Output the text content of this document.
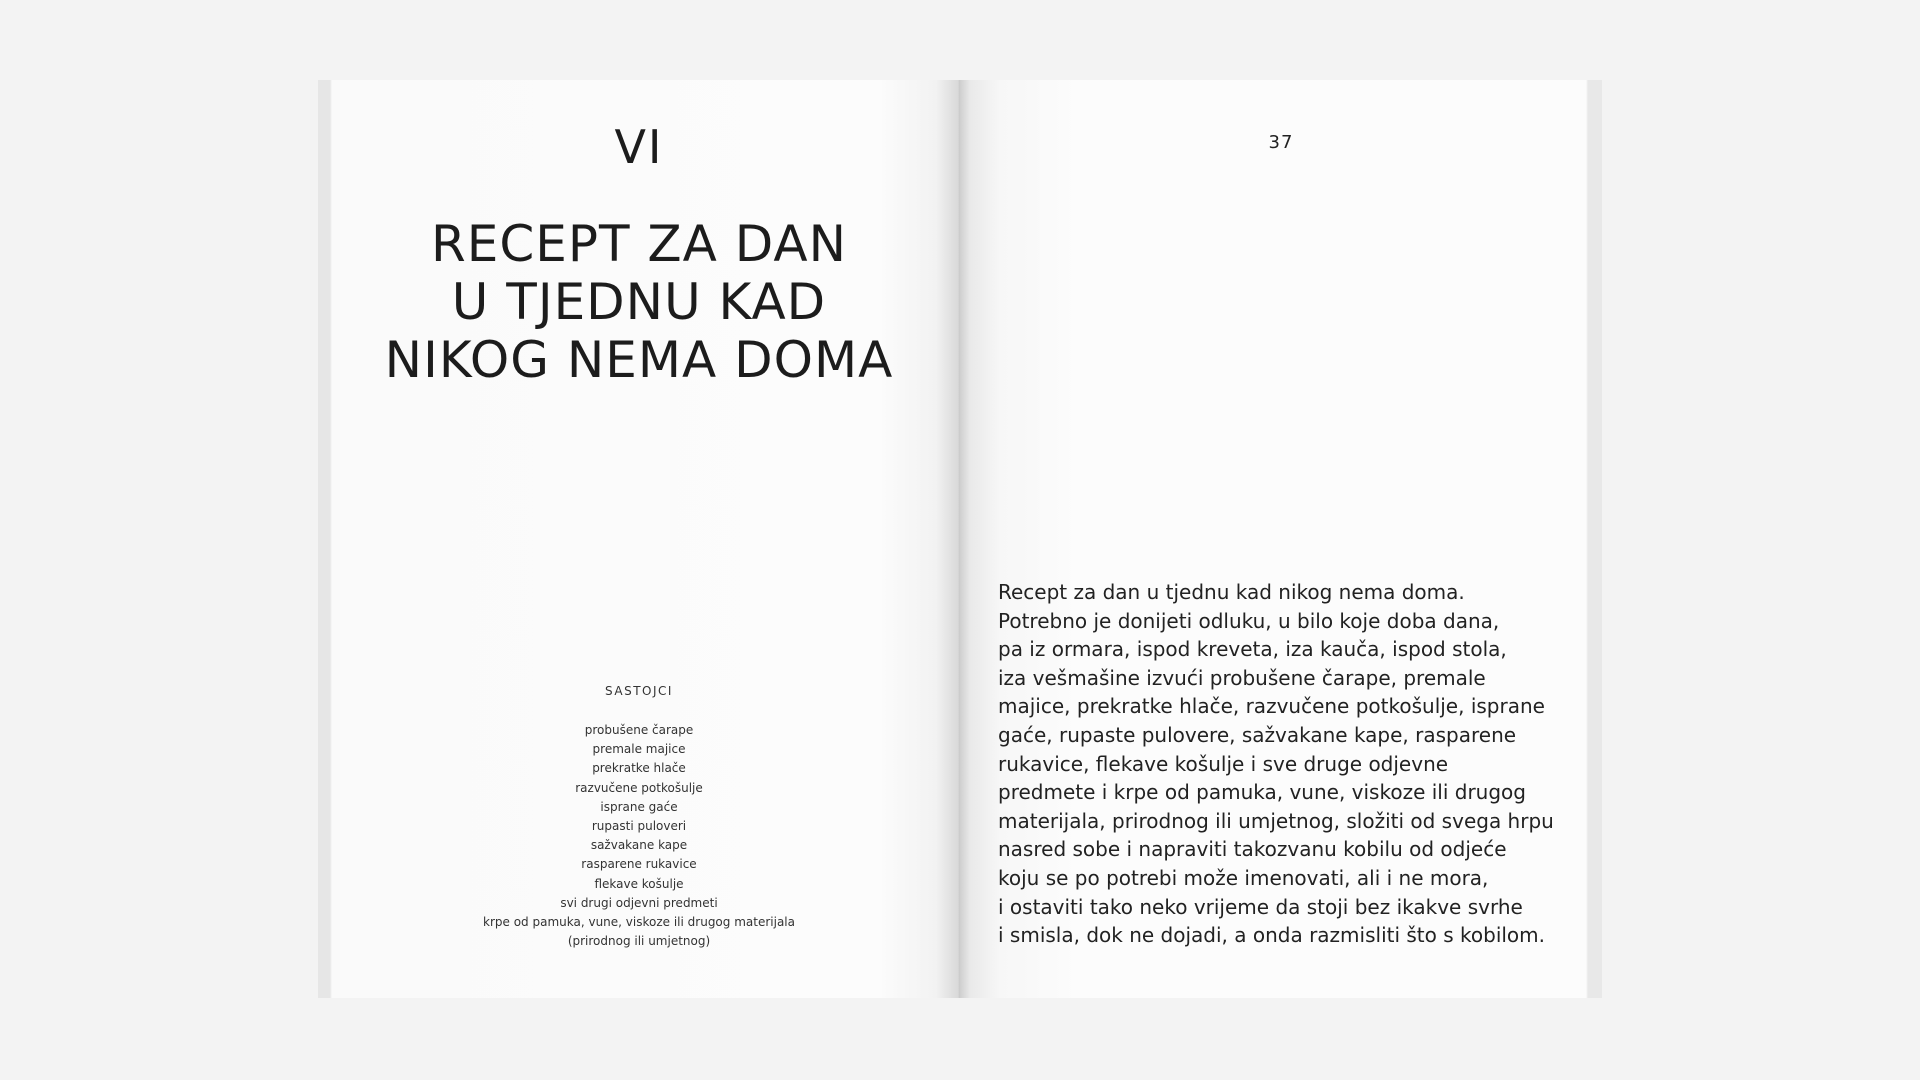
VI
RECEPT ZA DAN
U TJEDNU KAD
NIKOG NEMA DOMA
SASTOJCI
probušene čarape
premale majice
prekratke hlače
razvučene potkošulje
isprane gaće
rupasti puloveri
sažvakane kape
rasparene rukavice
flekave košulje
svi drugi odjevni predmeti
krpe od pamuka, vune, viskoze ili drugog materijala
(prirodnog ili umjetnog)
37
Recept za dan u tjednu kad nikog nema doma.
Potrebno je donijeti odluku, u bilo koje doba dana,
pa iz ormara, ispod kreveta, iza kauča, ispod stola,
iza vešmašine izvući probušene čarape, premale
majice, prekratke hlače, razvučene potkošulje, isprane
gaće, rupaste pulovere, sažvakane kape, rasparene
rukavice, flekave košulje i sve druge odjevne
predmete i krpe od pamuka, vune, viskoze ili drugog
materijala, prirodnog ili umjetnog, složiti od svega hrpu
nasred sobe i napraviti takozvanu kobilu od odjeće
koju se po potrebi može imenovati, ali i ne mora,
i ostaviti tako neko vrijeme da stoji bez ikakve svrhe
i smisla, dok ne dojadi, a onda razmisliti što s kobilom.
